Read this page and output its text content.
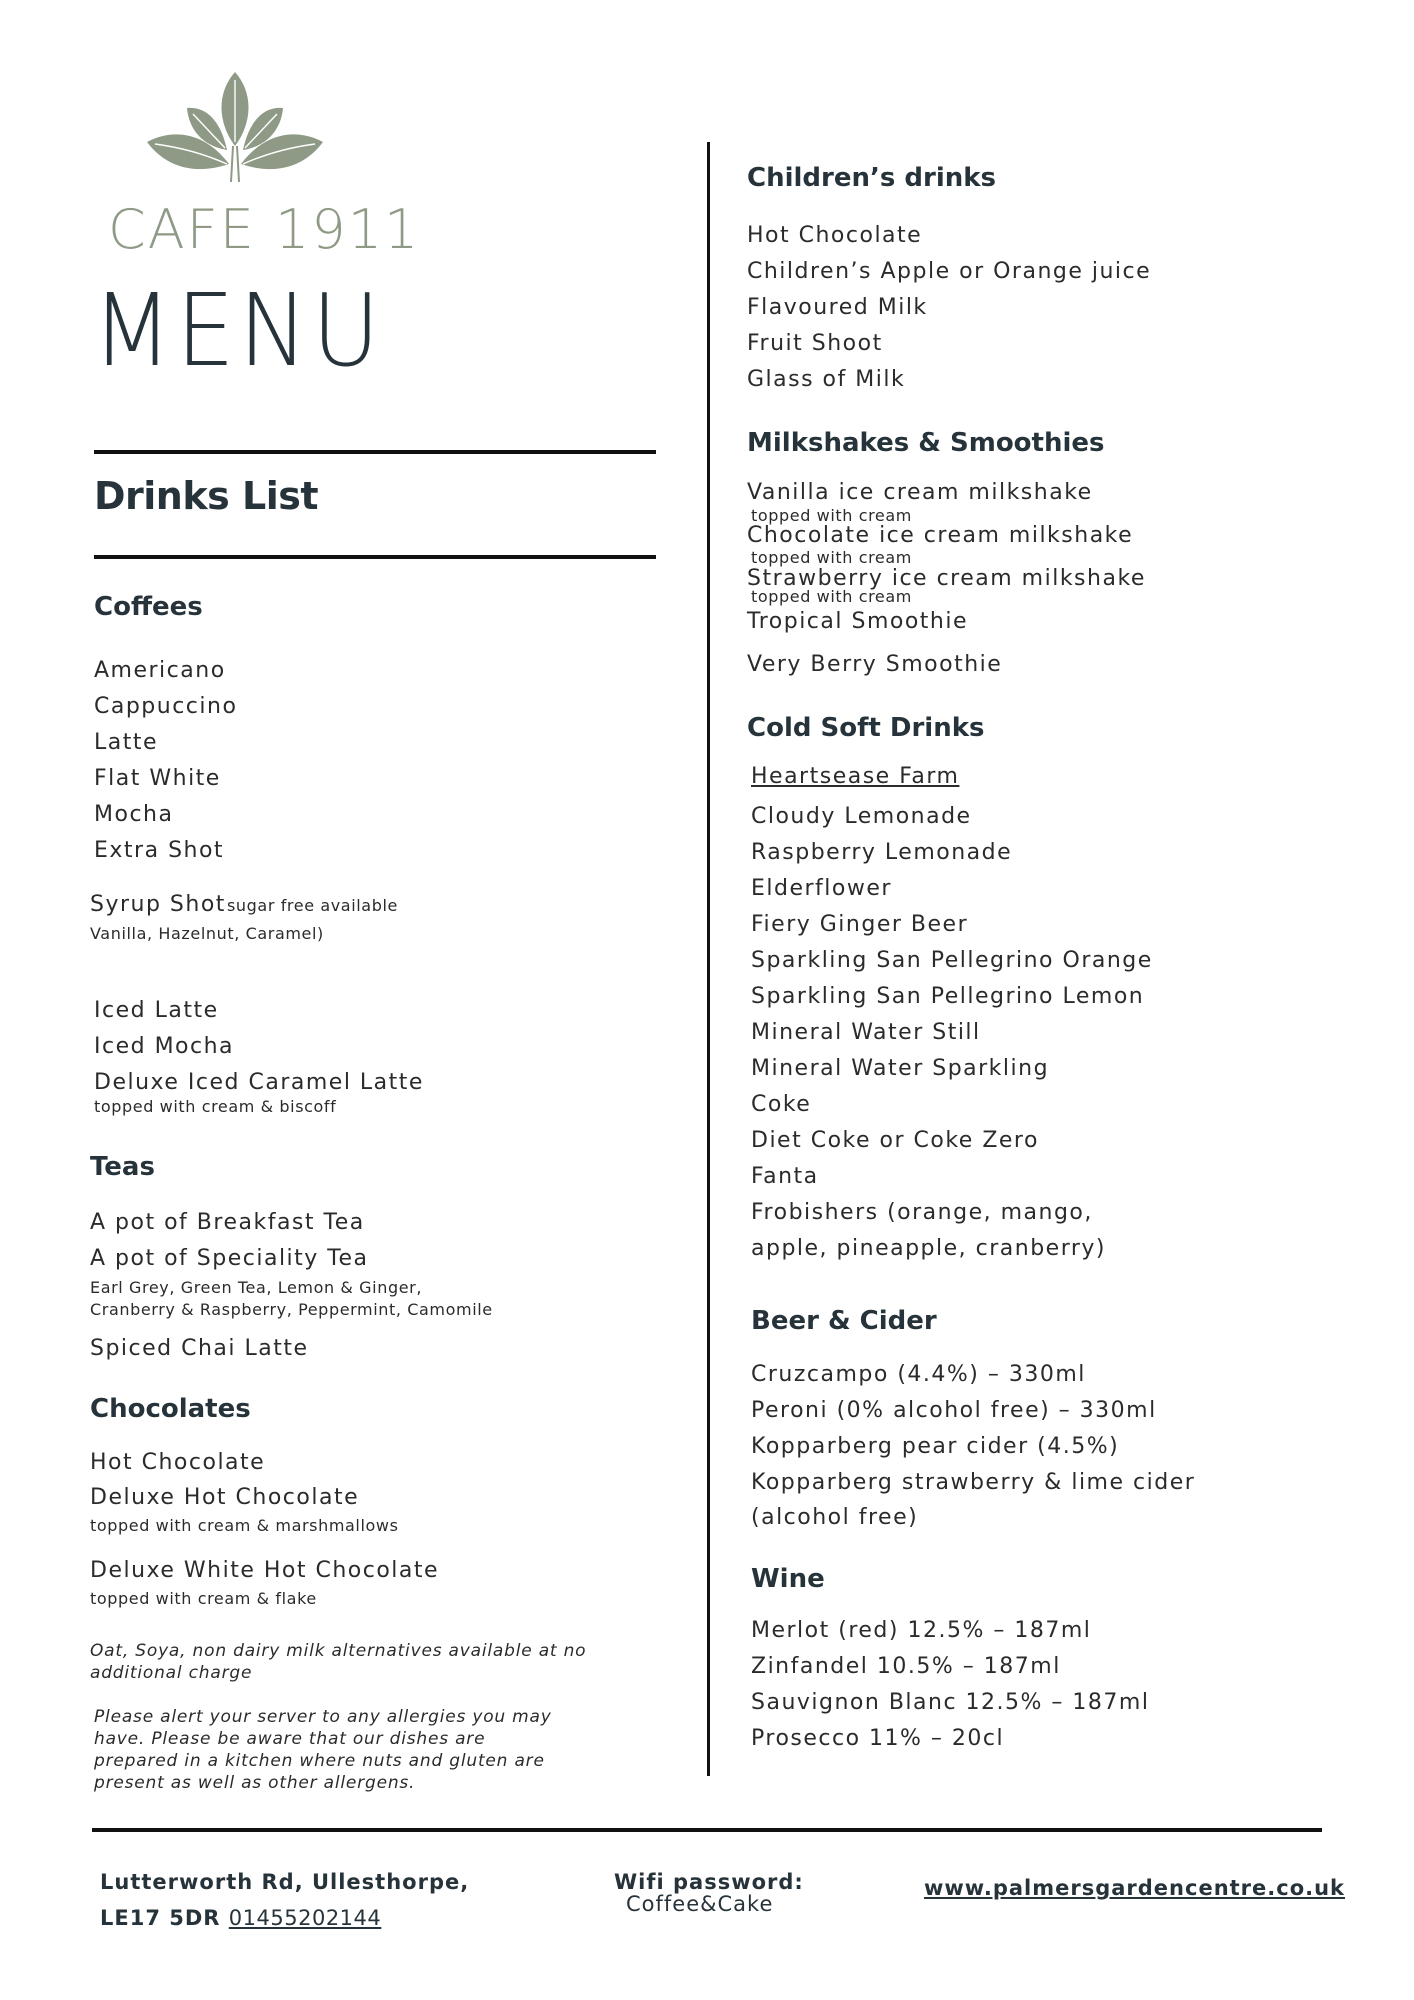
CAFE 1911
MENU
Drinks List
Coffees
Americano
Cappuccino
Latte
Flat White
Mocha
Extra Shot
Syrup Shot sugar free available
Vanilla, Hazelnut, Caramel)
Iced Latte
Iced Mocha
Deluxe Iced Caramel Latte
topped with cream & biscoff
Teas
A pot of Breakfast Tea
A pot of Speciality Tea
Earl Grey, Green Tea, Lemon & Ginger,
Cranberry & Raspberry, Peppermint, Camomile
Spiced Chai Latte
Chocolates
Hot Chocolate
Deluxe Hot Chocolate
topped with cream & marshmallows
Deluxe White Hot Chocolate
topped with cream & flake
Oat, Soya, non dairy milk alternatives available at no additional charge
Please alert your server to any allergies you may have. Please be aware that our dishes are prepared in a kitchen where nuts and gluten are present as well as other allergens.
Children’s drinks
Hot Chocolate
Children’s Apple or Orange juice
Flavoured Milk
Fruit Shoot
Glass of Milk
Milkshakes & Smoothies
Vanilla ice cream milkshake
topped with cream
Chocolate ice cream milkshake
topped with cream
Strawberry ice cream milkshake
topped with cream
Tropical Smoothie
Very Berry Smoothie
Cold Soft Drinks
Heartsease Farm
Cloudy Lemonade
Raspberry Lemonade
Elderflower
Fiery Ginger Beer
Sparkling San Pellegrino Orange
Sparkling San Pellegrino Lemon
Mineral Water Still
Mineral Water Sparkling
Coke
Diet Coke or Coke Zero
Fanta
Frobishers (orange, mango,
apple, pineapple, cranberry)
Beer & Cider
Cruzcampo (4.4%) – 330ml
Peroni (0% alcohol free) – 330ml
Kopparberg pear cider (4.5%)
Kopparberg strawberry & lime cider
(alcohol free)
Wine
Merlot (red) 12.5% – 187ml
Zinfandel 10.5% – 187ml
Sauvignon Blanc 12.5% – 187ml
Prosecco 11% – 20cl
Lutterworth Rd, Ullesthorpe,
LE17 5DR 01455202144
Wifi password:
Coffee&Cake
www.palmersgardencentre.co.uk
